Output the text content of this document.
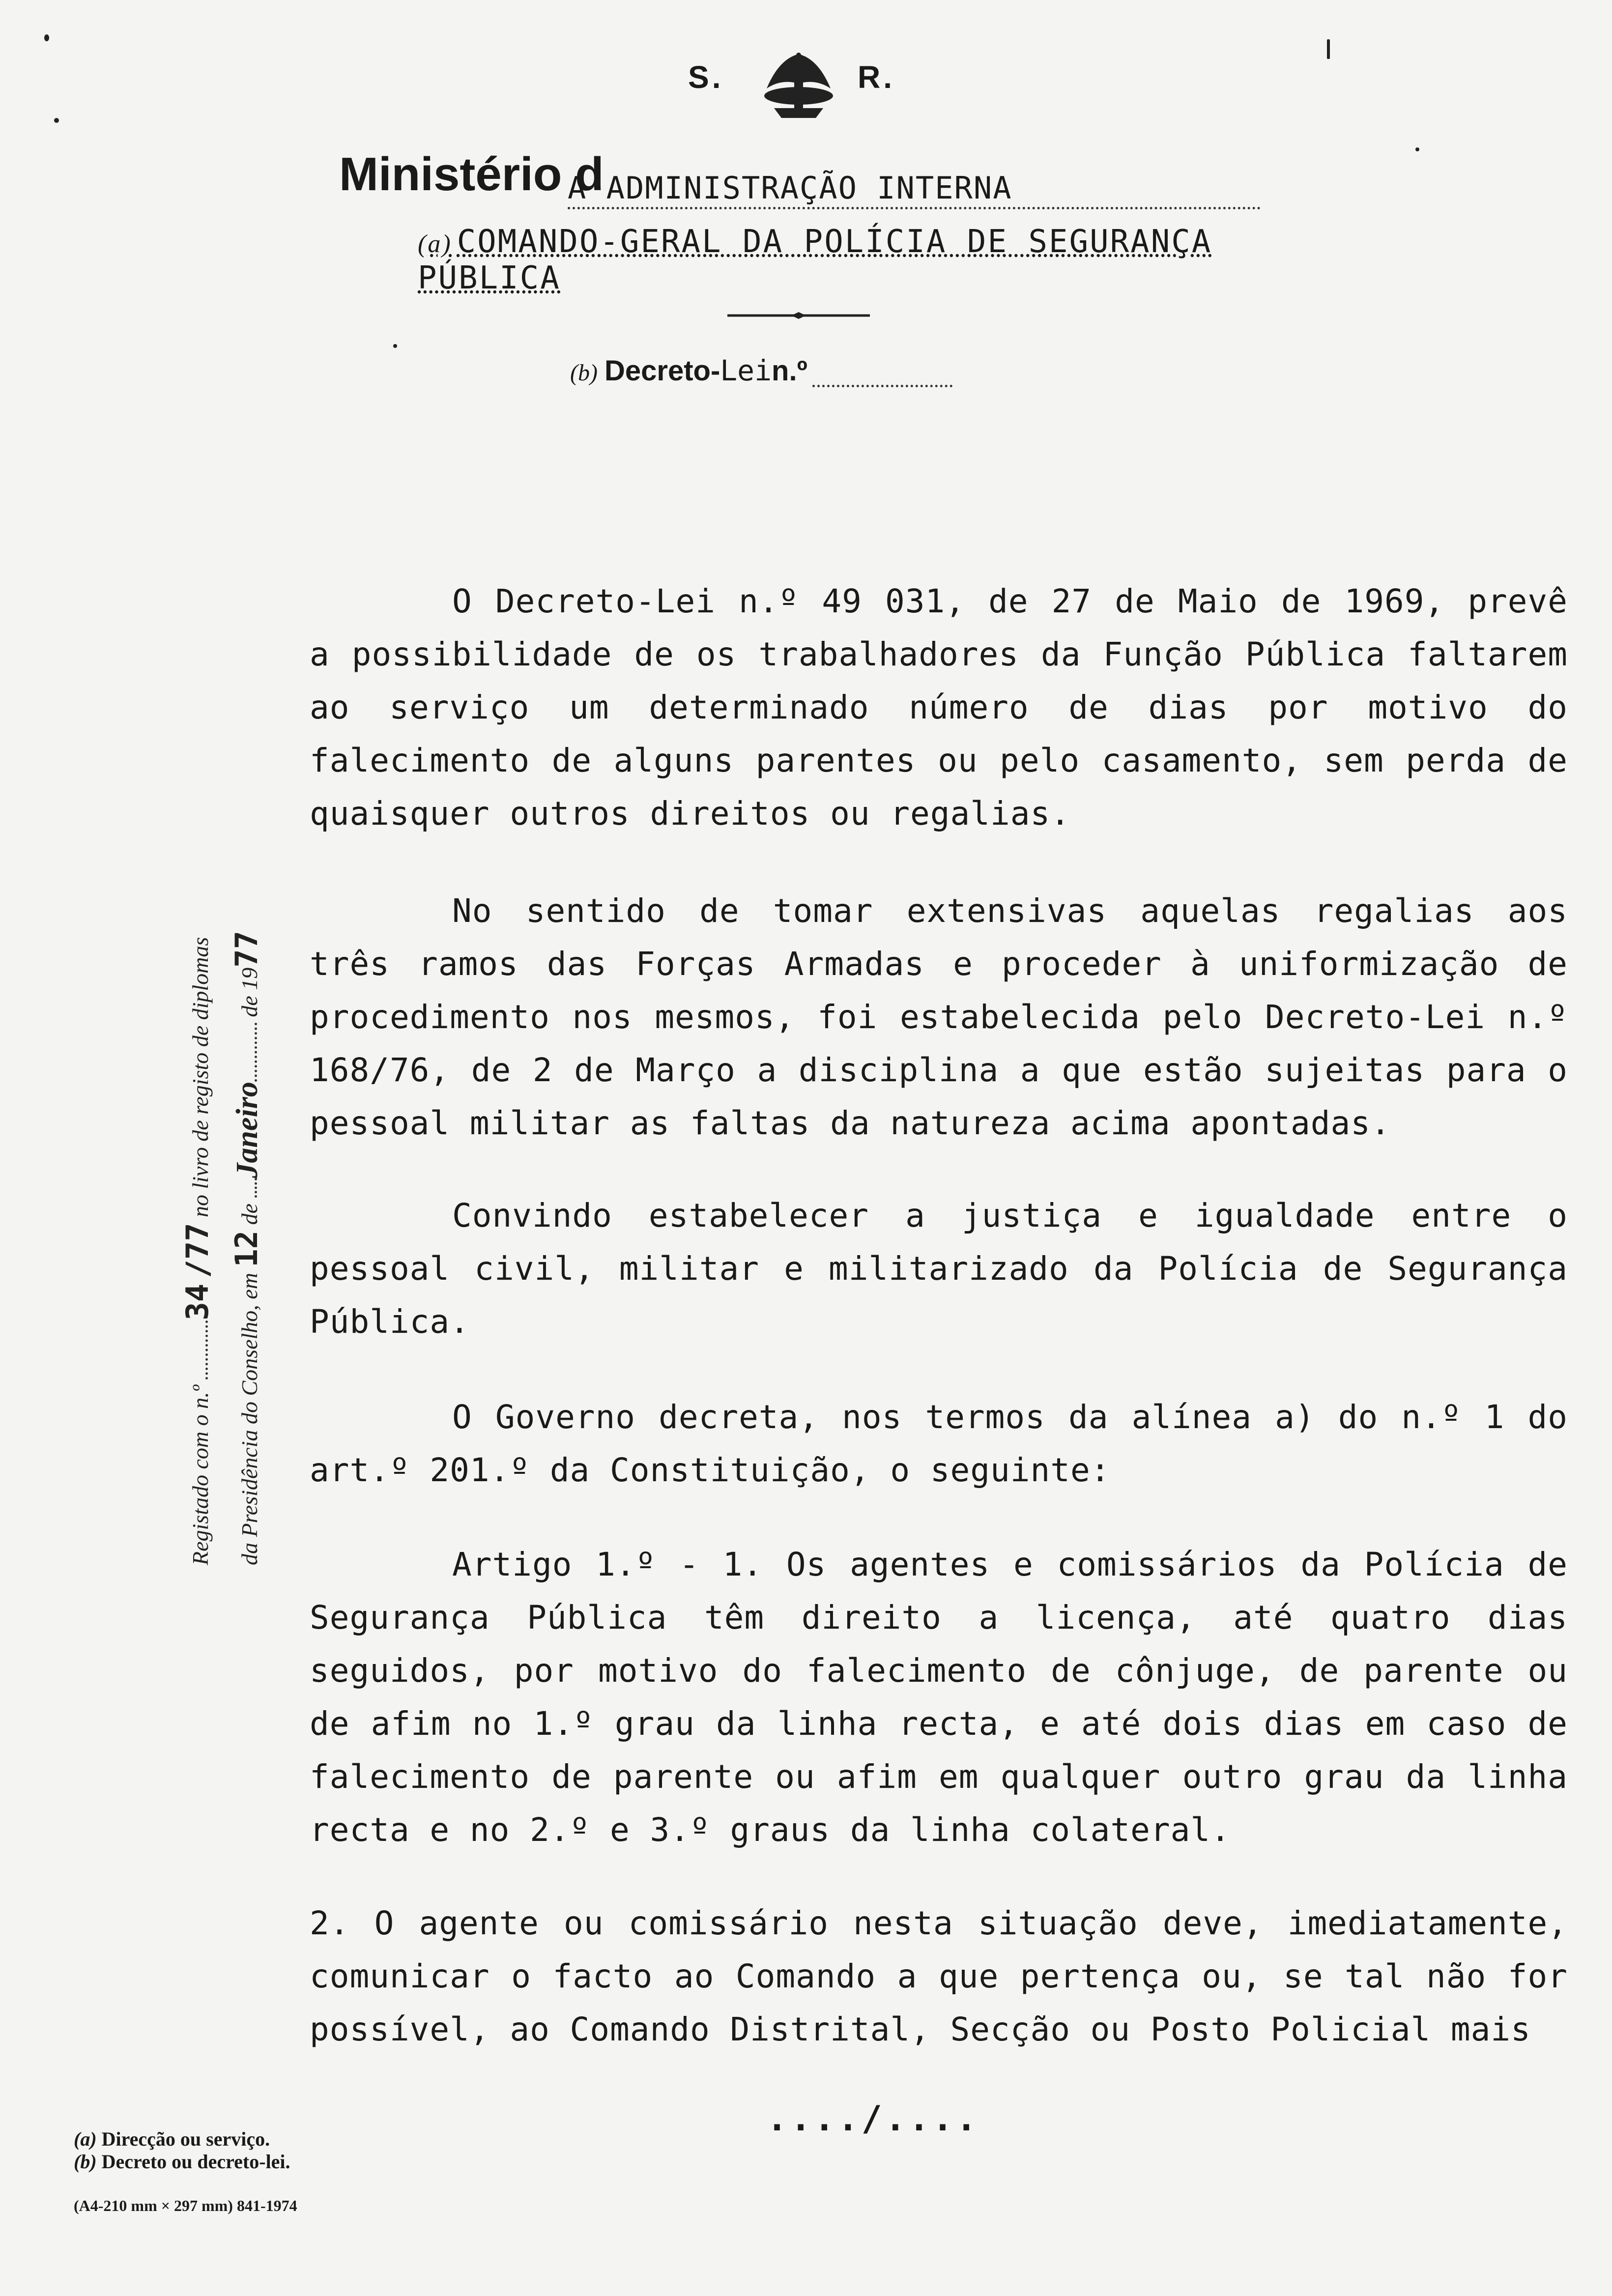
S.	R.
Ministério d
A ADMINISTRAÇÃO INTERNA
(a) COMANDO-GERAL DA POLÍCIA DE SEGURANÇA PÚBLICA
(b) Decreto-Lein.º
Registado com o n.º 34 /77 no livro de registo de diplomas
da Presidência do Conselho, em 12 de Janeiro de 1977
O Decreto-Lei n.º 49 031, de 27 de Maio de 1969, prevê a possibilidade de os trabalhadores da Função Pública faltarem ao serviço um determinado número de dias por motivo do falecimento de alguns parentes ou pelo casamento, sem perda de quaisquer outros direitos ou regalias.
No sentido de tomar extensivas aquelas regalias aos três ramos das Forças Armadas e proceder à uniformização de procedimento nos mesmos, foi estabelecida pelo Decreto-Lei n.º 168/76, de 2 de Março a disciplina a que estão sujeitas para o pessoal militar as faltas da natureza acima apontadas.
Convindo estabelecer a justiça e igualdade entre o pessoal civil, militar e militarizado da Polícia de Segurança Pública.
O Governo decreta, nos termos da alínea a) do n.º 1 do art.º 201.º da Constituição, o seguinte:
Artigo 1.º - 1. Os agentes e comissários da Polícia de Segurança Pública têm direito a licença, até quatro dias seguidos, por motivo do falecimento de cônjuge, de parente ou de afim no 1.º grau da linha recta, e até dois dias em caso de falecimento de parente ou afim em qualquer outro grau da linha recta e no 2.º e 3.º graus da linha colateral.
2. O agente ou comissário nesta situação deve, imediatamente, comunicar o facto ao Comando a que pertença ou, se tal não for possível, ao Comando Distrital, Secção ou Posto Policial mais
..../....
(a) Direcção ou serviço.
(b) Decreto ou decreto-lei.
(A4-210 mm × 297 mm) 841-1974
